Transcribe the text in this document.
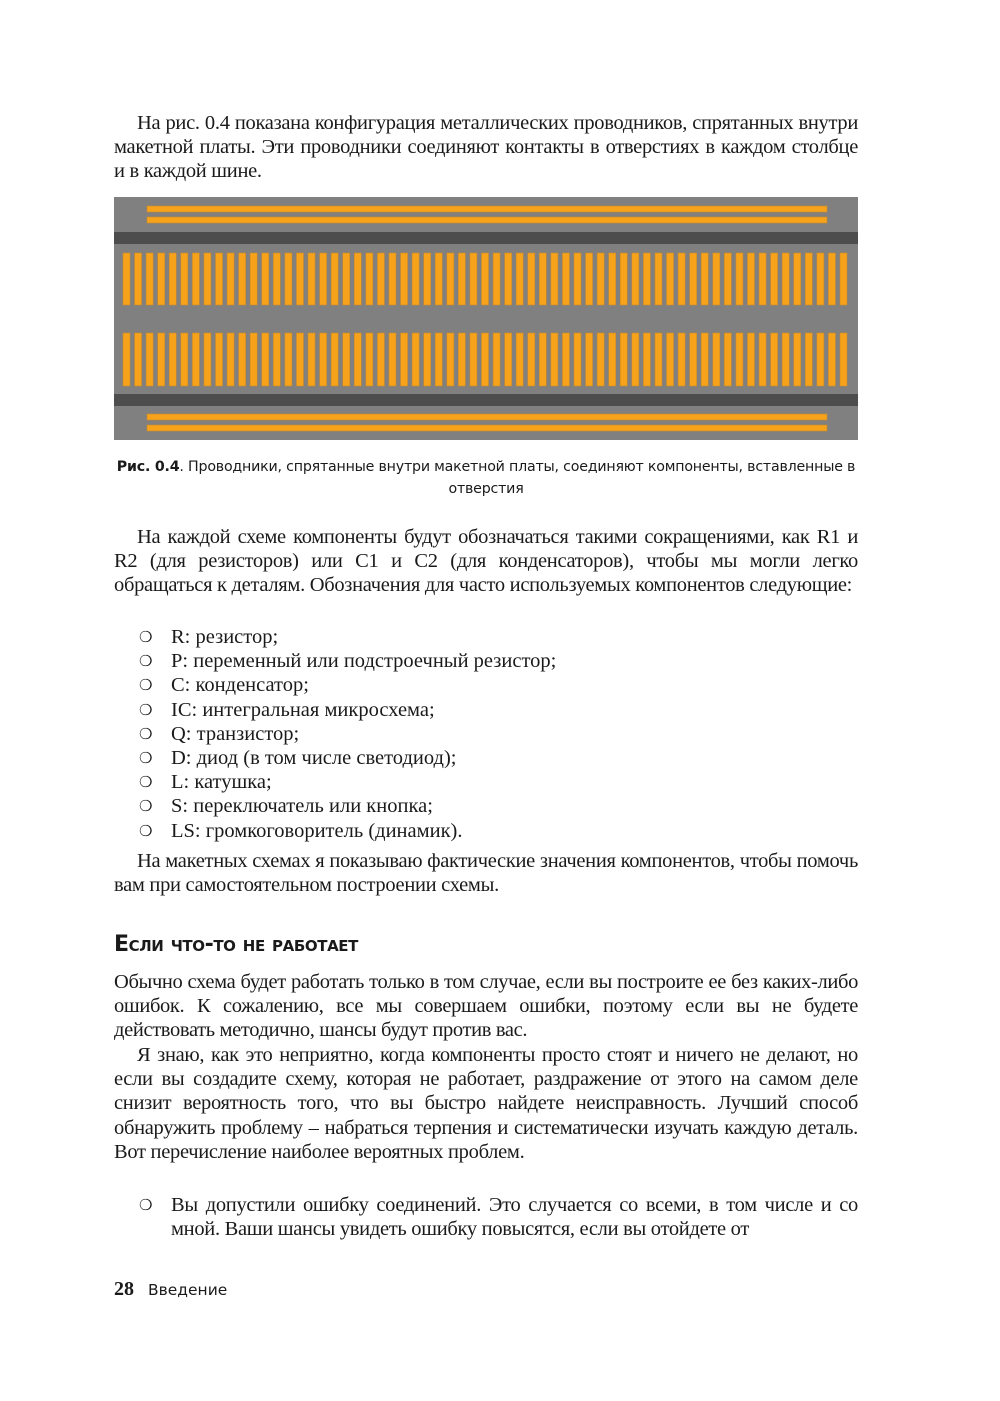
На рис. 0.4 показана конфигурация металлических проводников, спрятанных внутри макетной платы. Эти проводники соединяют контакты в отверстиях в каждом столбце и в каждой шине.

Рис. 0.4. Проводники, спрятанные внутри макетной платы, соединяют компоненты, вставленные в отверстия

На каждой схеме компоненты будут обозначаться такими сокращениями, как R1 и R2 (для резисторов) или C1 и C2 (для конденсаторов), чтобы мы могли легко обращаться к деталям. Обозначения для часто используемых компонентов следующие:

❍ R: резистор;
❍ P: переменный или подстроечный резистор;
❍ C: конденсатор;
❍ IC: интегральная микросхема;
❍ Q: транзистор;
❍ D: диод (в том числе светодиод);
❍ L: катушка;
❍ S: переключатель или кнопка;
❍ LS: громкоговоритель (динамик).

На макетных схемах я показываю фактические значения компонентов, чтобы помочь вам при самостоятельном построении схемы.

Если что-то не работает

Обычно схема будет работать только в том случае, если вы построите ее без каких-либо ошибок. К сожалению, все мы совершаем ошибки, поэтому если вы не будете действовать методично, шансы будут против вас.

Я знаю, как это неприятно, когда компоненты просто стоят и ничего не делают, но если вы создадите схему, которая не работает, раздражение от этого на самом деле снизит вероятность того, что вы быстро найдете неисправность. Лучший способ обнаружить проблему – набраться терпения и систематически изучать каждую деталь. Вот перечисление наиболее вероятных проблем.

❍ Вы допустили ошибку соединений. Это случается со всеми, в том числе и со мной. Ваши шансы увидеть ошибку повысятся, если вы отойдете от
28 Введение
